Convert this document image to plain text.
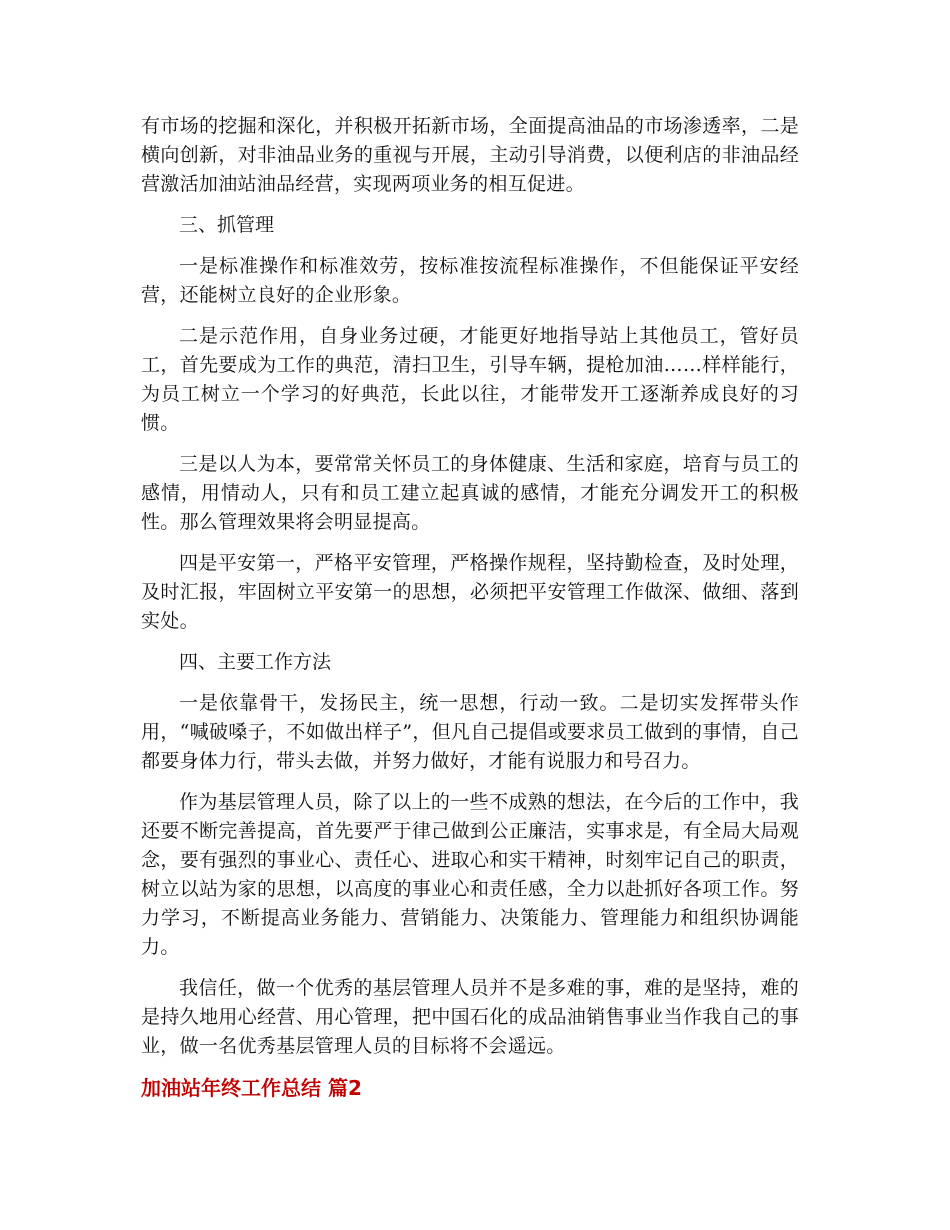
有市场的挖掘和深化，并积极开拓新市场，全面提高油品的市场渗透率，二是横向创新，对非油品业务的重视与开展，主动引导消费，以便利店的非油品经营激活加油站油品经营，实现两项业务的相互促进。

三、抓管理

一是标准操作和标准效劳，按标准按流程标准操作，不但能保证平安经营，还能树立良好的企业形象。

二是示范作用，自身业务过硬，才能更好地指导站上其他员工，管好员工，首先要成为工作的典范，清扫卫生，引导车辆，提枪加油……样样能行，为员工树立一个学习的好典范，长此以往，才能带发开工逐渐养成良好的习惯。

三是以人为本，要常常关怀员工的身体健康、生活和家庭，培育与员工的感情，用情动人，只有和员工建立起真诚的感情，才能充分调发开工的积极性。那么管理效果将会明显提高。

四是平安第一，严格平安管理，严格操作规程，坚持勤检查，及时处理，及时汇报，牢固树立平安第一的思想，必须把平安管理工作做深、做细、落到实处。

四、主要工作方法

一是依靠骨干，发扬民主，统一思想，行动一致。二是切实发挥带头作用，“喊破嗓子，不如做出样子”，但凡自己提倡或要求员工做到的事情，自己都要身体力行，带头去做，并努力做好，才能有说服力和号召力。

作为基层管理人员，除了以上的一些不成熟的想法，在今后的工作中，我还要不断完善提高，首先要严于律己做到公正廉洁，实事求是，有全局大局观念，要有强烈的事业心、责任心、进取心和实干精神，时刻牢记自己的职责，树立以站为家的思想，以高度的事业心和责任感，全力以赴抓好各项工作。努力学习，不断提高业务能力、营销能力、决策能力、管理能力和组织协调能力。

我信任，做一个优秀的基层管理人员并不是多难的事，难的是坚持，难的是持久地用心经营、用心管理，把中国石化的成品油销售事业当作我自己的事业，做一名优秀基层管理人员的目标将不会遥远。

加油站年终工作总结 篇2
